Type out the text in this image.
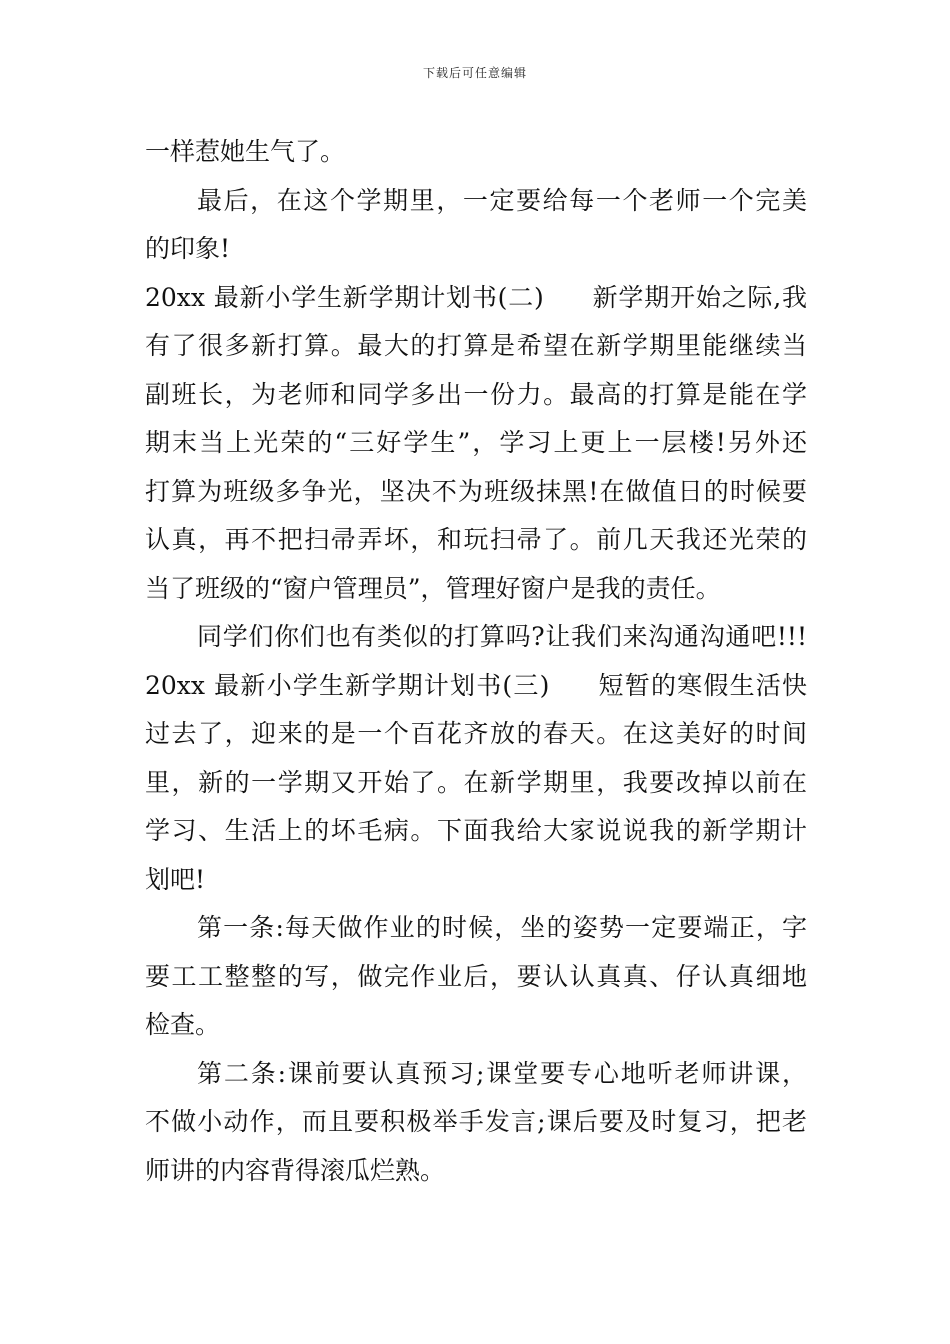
下载后可任意编辑
一样惹她生气了。
最后，在这个学期里，一定要给每一个老师一个完美
的印象!
20xx 最新小学生新学期计划书(二) 新学期开始之际,我
有了很多新打算。最大的打算是希望在新学期里能继续当
副班长，为老师和同学多出一份力。最高的打算是能在学
期末当上光荣的“三好学生”，学习上更上一层楼!另外还
打算为班级多争光，坚决不为班级抹黑!在做值日的时候要
认真，再不把扫帚弄坏，和玩扫帚了。前几天我还光荣的
当了班级的“窗户管理员”，管理好窗户是我的责任。
同学们你们也有类似的打算吗?让我们来沟通沟通吧!!!
20xx 最新小学生新学期计划书(三) 短暂的寒假生活快
过去了，迎来的是一个百花齐放的春天。在这美好的时间
里，新的一学期又开始了。在新学期里，我要改掉以前在
学习、生活上的坏毛病。下面我给大家说说我的新学期计
划吧!
第一条:每天做作业的时候，坐的姿势一定要端正，字
要工工整整的写，做完作业后，要认认真真、仔认真细地
检查。
第二条:课前要认真预习;课堂要专心地听老师讲课，
不做小动作，而且要积极举手发言;课后要及时复习，把老
师讲的内容背得滚瓜烂熟。
